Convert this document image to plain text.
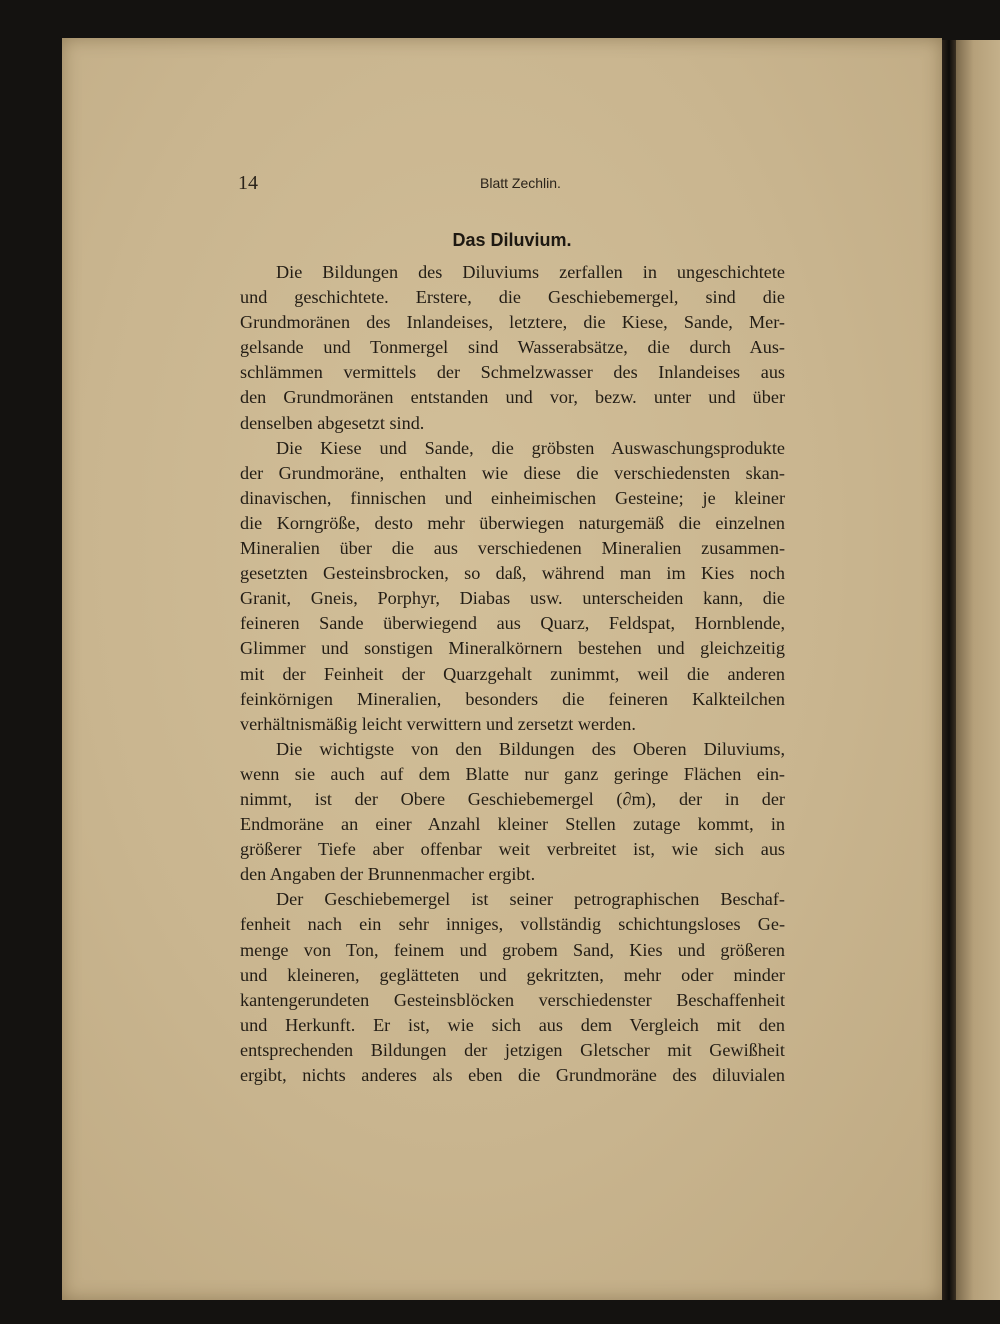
14	Blatt Zechlin.
Das Diluvium.
Die Bildungen des Diluviums zerfallen in ungeschichtete
und geschichtete. Erstere, die Geschiebemergel, sind die
Grundmoränen des Inlandeises, letztere, die Kiese, Sande, Mer-
gelsande und Tonmergel sind Wasserabsätze, die durch Aus-
schlämmen vermittels der Schmelzwasser des Inlandeises aus
den Grundmoränen entstanden und vor, bezw. unter und über
denselben abgesetzt sind.
Die Kiese und Sande, die gröbsten Auswaschungsprodukte
der Grundmoräne, enthalten wie diese die verschiedensten skan-
dinavischen, finnischen und einheimischen Gesteine; je kleiner
die Korngröße, desto mehr überwiegen naturgemäß die einzelnen
Mineralien über die aus verschiedenen Mineralien zusammen-
gesetzten Gesteinsbrocken, so daß, während man im Kies noch
Granit, Gneis, Porphyr, Diabas usw. unterscheiden kann, die
feineren Sande überwiegend aus Quarz, Feldspat, Hornblende,
Glimmer und sonstigen Mineralkörnern bestehen und gleichzeitig
mit der Feinheit der Quarzgehalt zunimmt, weil die anderen
feinkörnigen Mineralien, besonders die feineren Kalkteilchen
verhältnismäßig leicht verwittern und zersetzt werden.
Die wichtigste von den Bildungen des Oberen Diluviums,
wenn sie auch auf dem Blatte nur ganz geringe Flächen ein-
nimmt, ist der Obere Geschiebemergel (∂m), der in der
Endmoräne an einer Anzahl kleiner Stellen zutage kommt, in
größerer Tiefe aber offenbar weit verbreitet ist, wie sich aus
den Angaben der Brunnenmacher ergibt.
Der Geschiebemergel ist seiner petrographischen Beschaf-
fenheit nach ein sehr inniges, vollständig schichtungsloses Ge-
menge von Ton, feinem und grobem Sand, Kies und größeren
und kleineren, geglätteten und gekritzten, mehr oder minder
kantengerundeten Gesteinsblöcken verschiedenster Beschaffenheit
und Herkunft. Er ist, wie sich aus dem Vergleich mit den
entsprechenden Bildungen der jetzigen Gletscher mit Gewißheit
ergibt, nichts anderes als eben die Grundmoräne des diluvialen
